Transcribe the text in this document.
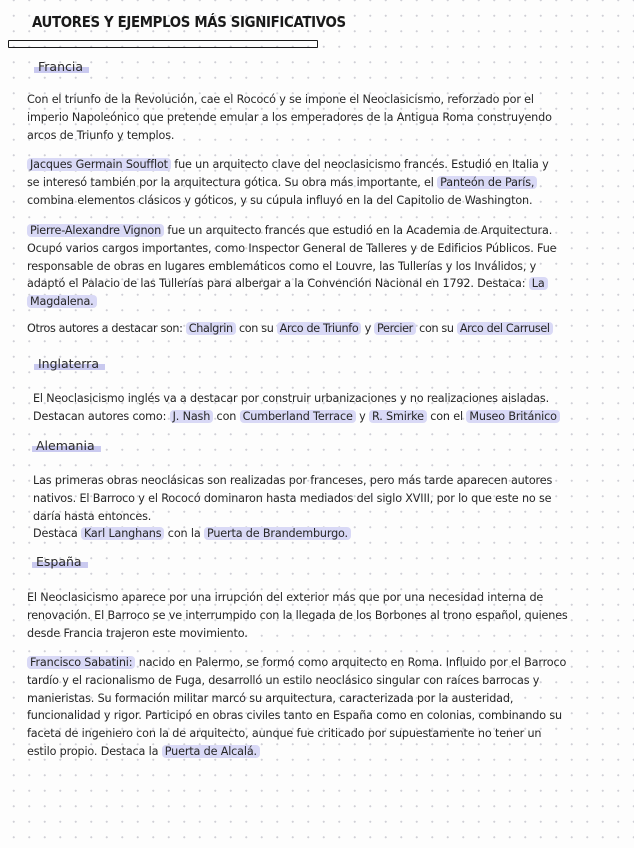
AUTORES Y EJEMPLOS MÁS SIGNIFICATIVOS
Francia
Con el triunfo de la Revolución, cae el Rococó y se impone el Neoclasicismo, reforzado por el
imperio Napoleónico que pretende emular a los emperadores de la Antigua Roma construyendo
arcos de Triunfo y templos.
Jacques Germain Soufflot fue un arquitecto clave del neoclasicismo francés. Estudió en Italia y
se interesó también por la arquitectura gótica. Su obra más importante, el Panteón de París,
combina elementos clásicos y góticos, y su cúpula influyó en la del Capitolio de Washington.
Pierre-Alexandre Vignon fue un arquitecto francés que estudió en la Academia de Arquitectura.
Ocupó varios cargos importantes, como Inspector General de Talleres y de Edificios Públicos. Fue
responsable de obras en lugares emblemáticos como el Louvre, las Tullerías y los Inválidos, y
adaptó el Palacio de las Tullerías para albergar a la Convención Nacional en 1792. Destaca: La
Magdalena.
Otros autores a destacar son: Chalgrin con su Arco de Triunfo y Percier con su Arco del Carrusel
Inglaterra
El Neoclasicismo inglés va a destacar por construir urbanizaciones y no realizaciones aisladas.
Destacan autores como: J. Nash con Cumberland Terrace y R. Smirke con el Museo Británico
Alemania
Las primeras obras neoclásicas son realizadas por franceses, pero más tarde aparecen autores
nativos. El Barroco y el Rococó dominaron hasta mediados del siglo XVIII, por lo que este no se
daría hasta entonces.
Destaca Karl Langhans con la Puerta de Brandemburgo.
España
El Neoclasicismo aparece por una irrupción del exterior más que por una necesidad interna de
renovación. El Barroco se ve interrumpido con la llegada de los Borbones al trono español, quienes
desde Francia trajeron este movimiento.
Francisco Sabatini: nacido en Palermo, se formó como arquitecto en Roma. Influido por el Barroco
tardío y el racionalismo de Fuga, desarrolló un estilo neoclásico singular con raíces barrocas y
manieristas. Su formación militar marcó su arquitectura, caracterizada por la austeridad,
funcionalidad y rigor. Participó en obras civiles tanto en España como en colonias, combinando su
faceta de ingeniero con la de arquitecto, aunque fue criticado por supuestamente no tener un
estilo propio. Destaca la Puerta de Alcalá.
